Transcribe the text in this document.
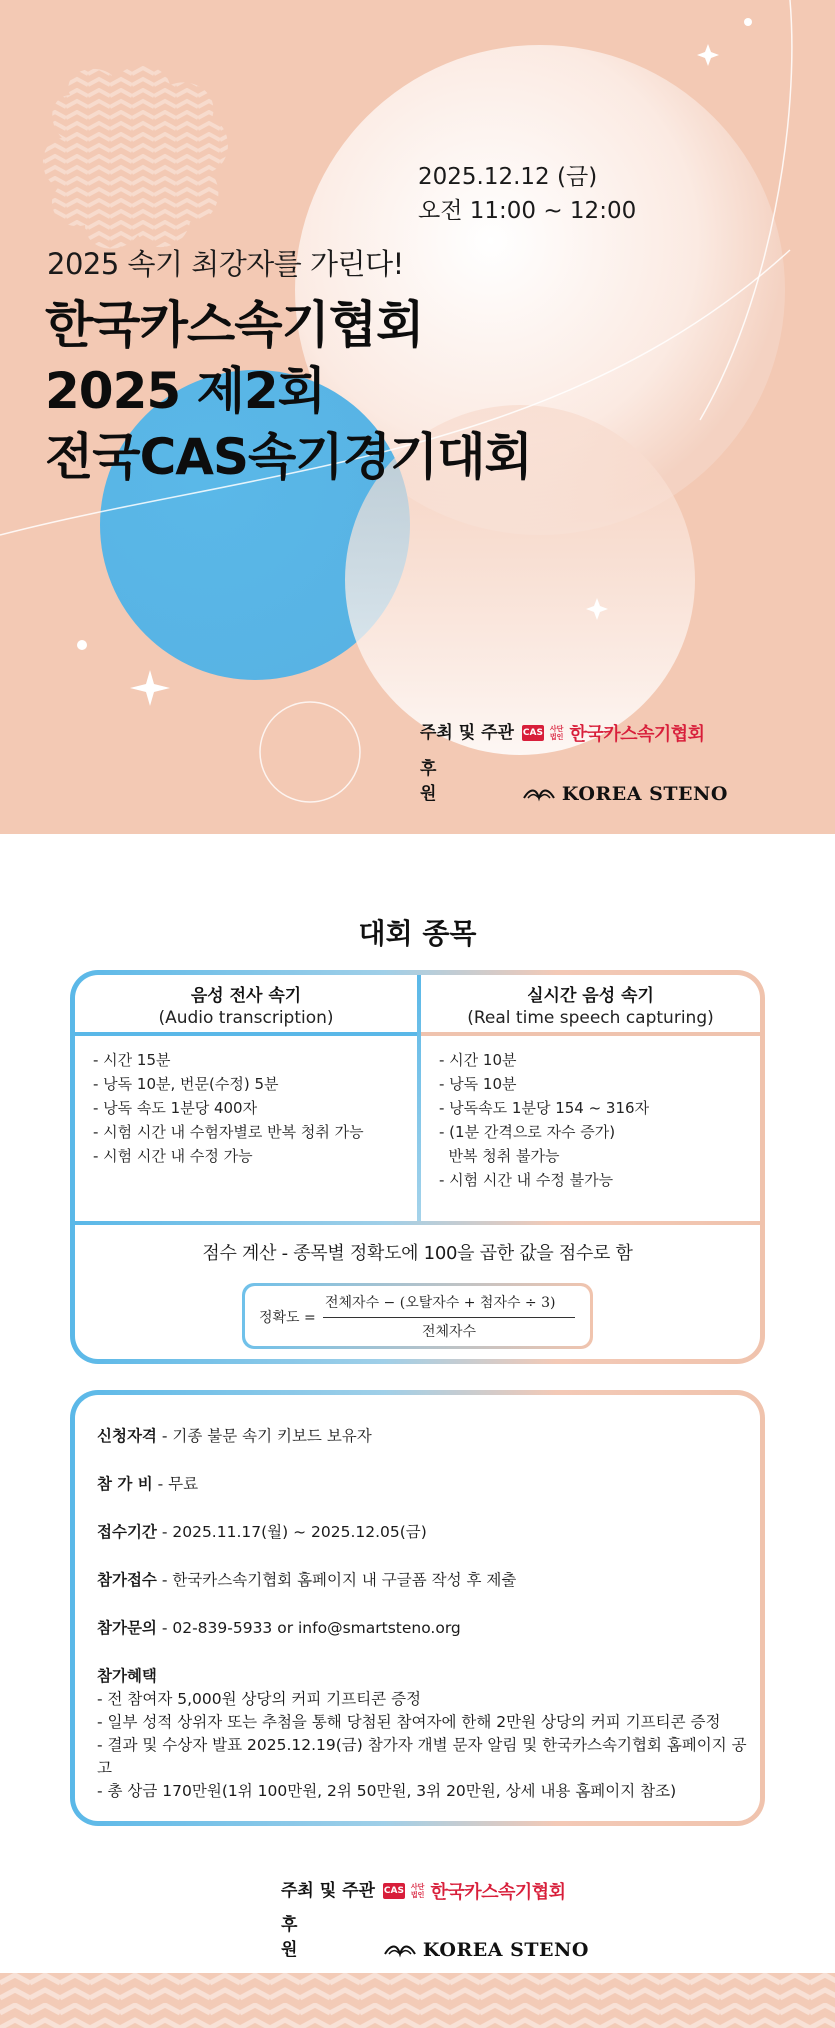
2025.12.12 (금)
오전 11:00 ~ 12:00
2025 속기 최강자를 가린다!
한국카스속기협회
2025 제2회
전국CAS속기경기대회
주최 및 주관 CAS 사단
법인 한국카스속기협회
후원	KOREA STENO
대회 종목
음성 전사 속기
(Audio transcription)
- 시간 15분
- 낭독 10분, 번문(수정) 5분
- 낭독 속도 1분당 400자
- 시험 시간 내 수험자별로 반복 청취 가능
- 시험 시간 내 수정 가능
실시간 음성 속기
(Real time speech capturing)
- 시간 10분
- 낭독 10분
- 낭독속도 1분당 154 ~ 316자
- (1분 간격으로 자수 증가)
반복 청취 불가능
- 시험 시간 내 수정 불가능
점수 계산 - 종목별 정확도에 100을 곱한 값을 점수로 함
정확도 =
전체자수 − (오탈자수 + 첨자수 ÷ 3)
전체자수
신청자격 - 기종 불문 속기 키보드 보유자
참 가 비 - 무료
접수기간 - 2025.11.17(월) ~ 2025.12.05(금)
참가접수 - 한국카스속기협회 홈페이지 내 구글폼 작성 후 제출
참가문의 - 02-839-5933 or info@smartsteno.org
참가혜택
- 전 참여자 5,000원 상당의 커피 기프티콘 증정
- 일부 성적 상위자 또는 추첨을 통해 당첨된 참여자에 한해 2만원 상당의 커피 기프티콘 증정
- 결과 및 수상자 발표 2025.12.19(금) 참가자 개별 문자 알림 및 한국카스속기협회 홈페이지 공고
- 총 상금 170만원(1위 100만원, 2위 50만원, 3위 20만원, 상세 내용 홈페이지 참조)
주최 및 주관 CAS 사단
법인 한국카스속기협회
후원	KOREA STENO
